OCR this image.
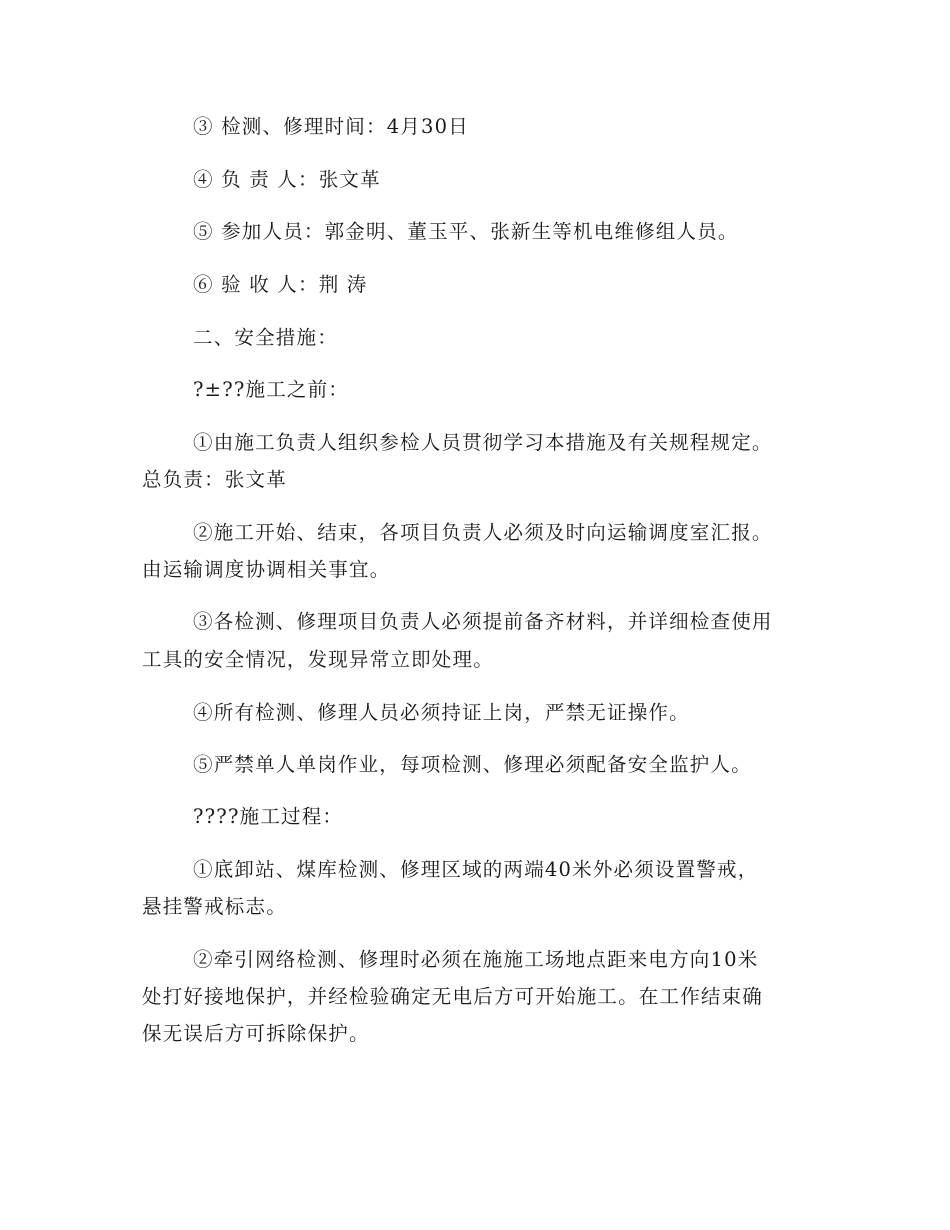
③ 检测、修理时间：4月30日
④ 负 责 人：张文革
⑤ 参加人员：郭金明、董玉平、张新生等机电维修组人员。
⑥ 验 收 人：荆 涛
二、安全措施：
?±??施工之前：
①由施工负责人组织参检人员贯彻学习本措施及有关规程规定。
总负责：张文革
②施工开始、结束，各项目负责人必须及时向运输调度室汇报。
由运输调度协调相关事宜。
③各检测、修理项目负责人必须提前备齐材料，并详细检查使用
工具的安全情况，发现异常立即处理。
④所有检测、修理人员必须持证上岗，严禁无证操作。
⑤严禁单人单岗作业，每项检测、修理必须配备安全监护人。
????施工过程：
①底卸站、煤库检测、修理区域的两端40米外必须设置警戒，
悬挂警戒标志。
②牵引网络检测、修理时必须在施施工场地点距来电方向10米
处打好接地保护，并经检验确定无电后方可开始施工。在工作结束确
保无误后方可拆除保护。
